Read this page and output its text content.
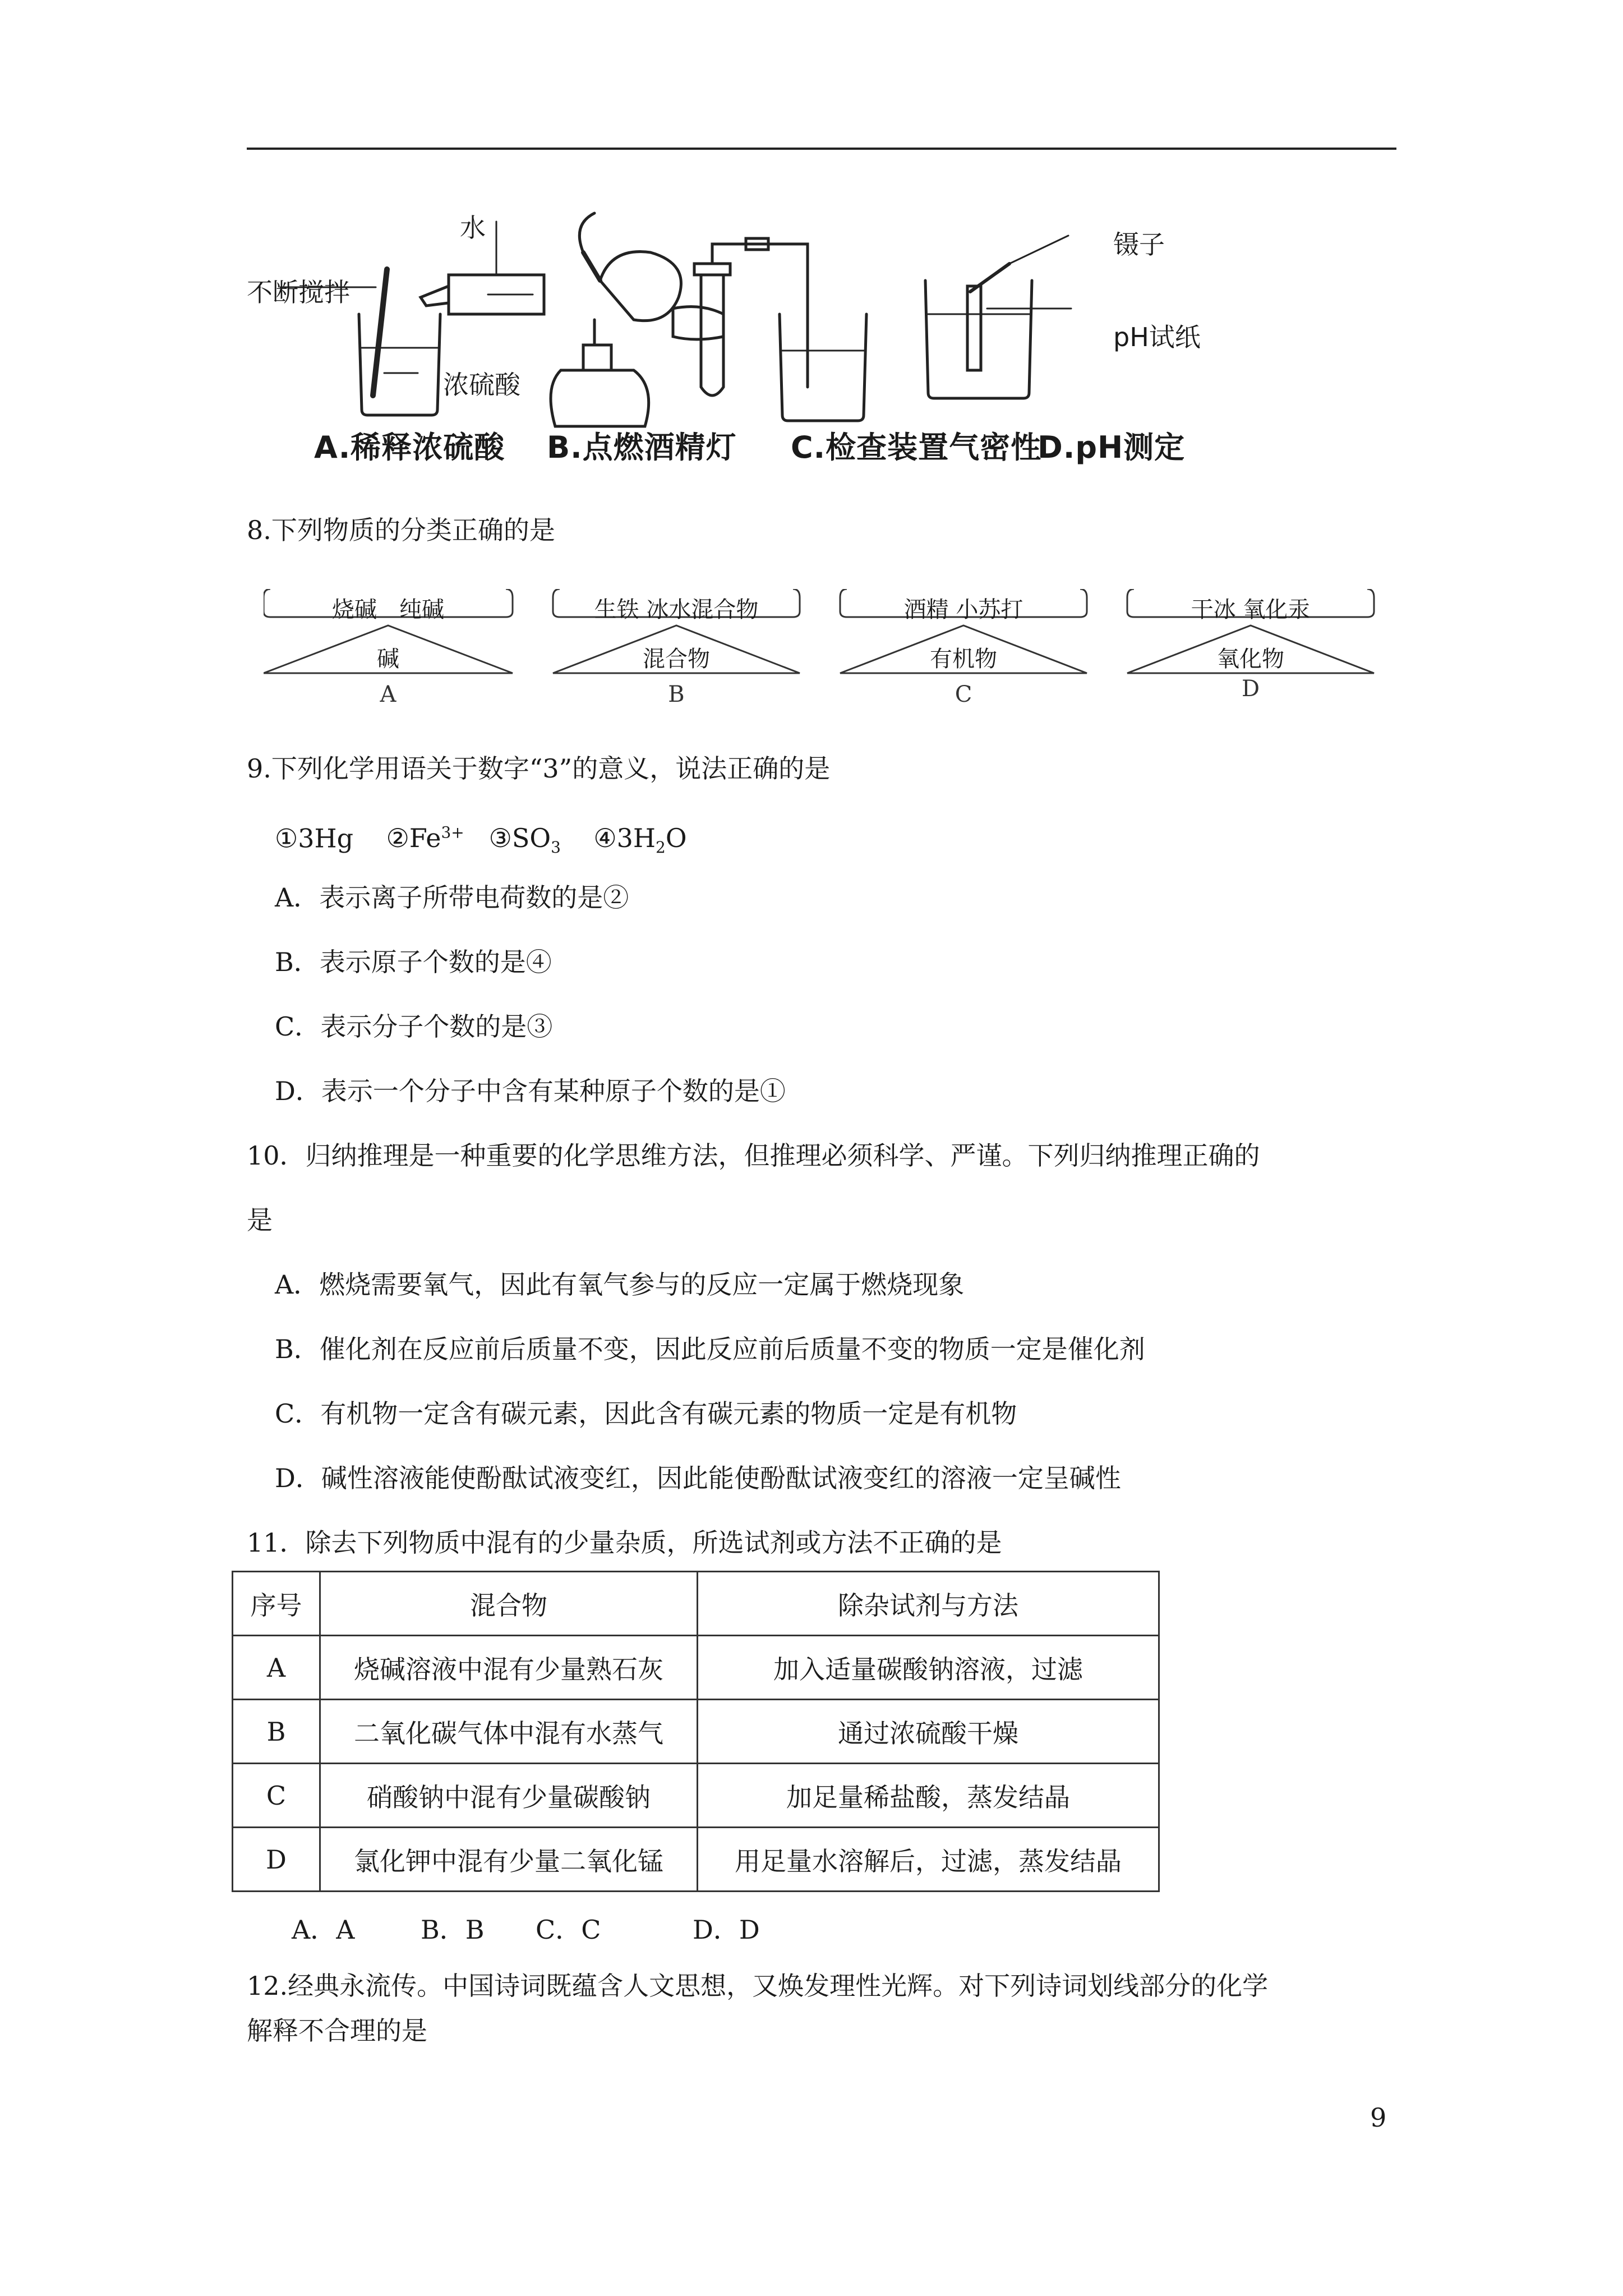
不断搅拌
水
浓硫酸
镊子
pH试纸
A.稀释浓硫酸 B.点燃酒精灯 C.检查装置气密性
D.pH测定
8.下列物质的分类正确的是
烧碱　纯碱
碱
A
生铁 冰水混合物
混合物
B
酒精 小苏打
有机物
C
干冰 氧化汞
氧化物
D
9.下列化学用语关于数字“3”的意义，说法正确的是
①3Hg $②Fe^{3+}$ $③SO_3$ $④3H_2O$
A．表示离子所带电荷数的是②
B．表示原子个数的是④
C．表示分子个数的是③
D．表示一个分子中含有某种原子个数的是①
10．归纳推理是一种重要的化学思维方法，但推理必须科学、严谨。下列归纳推理正确的
是
A．燃烧需要氧气，因此有氧气参与的反应一定属于燃烧现象
B．催化剂在反应前后质量不变，因此反应前后质量不变的物质一定是催化剂
C．有机物一定含有碳元素，因此含有碳元素的物质一定是有机物
D．碱性溶液能使酚酞试液变红，因此能使酚酞试液变红的溶液一定呈碱性
11．除去下列物质中混有的少量杂质，所选试剂或方法不正确的是
序号	混合物	除杂试剂与方法
A	烧碱溶液中混有少量熟石灰	加入适量碳酸钠溶液，过滤
B	二氧化碳气体中混有水蒸气	通过浓硫酸干燥
C	硝酸钠中混有少量碳酸钠	加足量稀盐酸，蒸发结晶
D	氯化钾中混有少量二氧化锰	用足量水溶解后，过滤，蒸发结晶
A．A	B．B C．C	D．D
12.经典永流传。中国诗词既蕴含人文思想，又焕发理性光辉。对下列诗词划线部分的化学
解释不合理的是
9
